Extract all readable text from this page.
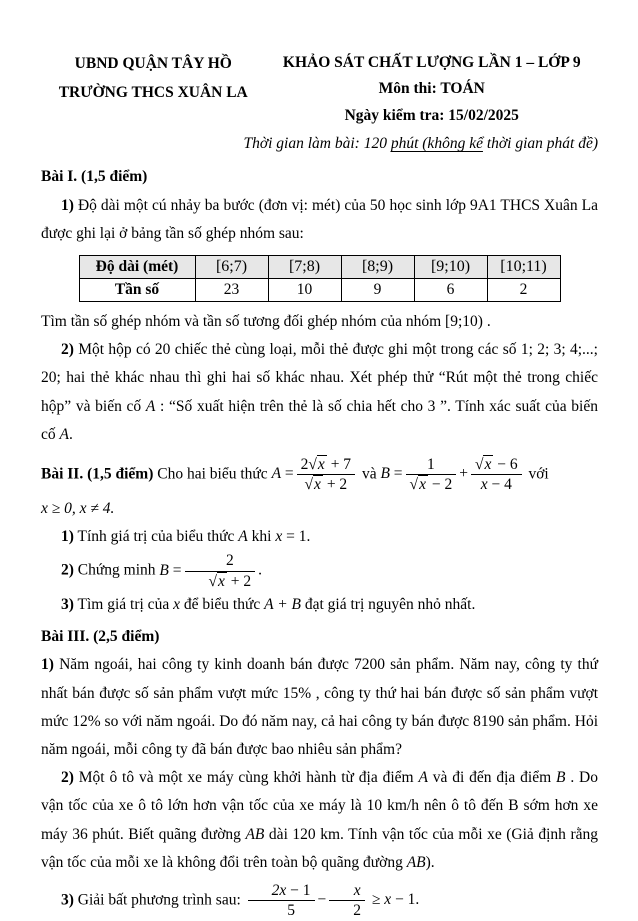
UBND QUẬN TÂY HỒ
TRƯỜNG THCS XUÂN LA
KHẢO SÁT CHẤT LƯỢNG LẦN 1 – LỚP 9
Môn thi: TOÁN
Ngày kiểm tra: 15/02/2025
Thời gian làm bài: 120 phút (không kể thời gian phát đề)

Bài I. (1,5 điểm)

1) Độ dài một cú nhảy ba bước (đơn vị: mét) của 50 học sinh lớp 9A1 THCS Xuân La được ghi lại ở bảng tần số ghép nhóm sau:

Độ dài (mét)	[6;7)	[7;8)	[8;9)	[9;10)	[10;11)
Tần số	23	10	9	6	2

Tìm tần số ghép nhóm và tần số tương đối ghép nhóm của nhóm [9;10) .

2) Một hộp có 20 chiếc thẻ cùng loại, mỗi thẻ được ghi một trong các số 1; 2; 3; 4;...; 20; hai thẻ khác nhau thì ghi hai số khác nhau. Xét phép thử “Rút một thẻ trong chiếc hộp” và biến cố A : “Số xuất hiện trên thẻ là số chia hết cho 3 ”. Tính xác suất của biến cố A.

Bài II. (1,5 điểm) Cho hai biểu thức $A = \frac{2√x + 7}{√x + 2}$ và $B = \frac{1}{√x - 2} + \frac{√x - 6}{x - 4}$ với

x ≥ 0, x ≠ 4.

1) Tính giá trị của biểu thức A khi x = 1.

2) Chứng minh $B = \frac{2}{√x + 2}$ .

3) Tìm giá trị của x để biểu thức A + B đạt giá trị nguyên nhỏ nhất.

Bài III. (2,5 điểm)

1) Năm ngoái, hai công ty kinh doanh bán được 7200 sản phẩm. Năm nay, công ty thứ nhất bán được số sản phẩm vượt mức 15% , công ty thứ hai bán được số sản phẩm vượt mức 12% so với năm ngoái. Do đó năm nay, cả hai công ty bán được 8190 sản phẩm. Hỏi năm ngoái, mỗi công ty đã bán được bao nhiêu sản phẩm?

2) Một ô tô và một xe máy cùng khởi hành từ địa điểm A và đi đến địa điểm B . Do vận tốc của xe ô tô lớn hơn vận tốc của xe máy là 10 km/h nên ô tô đến B sớm hơn xe máy 36 phút. Biết quãng đường AB dài 120 km. Tính vận tốc của mỗi xe (Giả định rằng vận tốc của mỗi xe là không đổi trên toàn bộ quãng đường AB).

3) Giải bất phương trình sau: $\frac{2x - 1}{5} - \frac{x}{2} \ge x - 1$.
